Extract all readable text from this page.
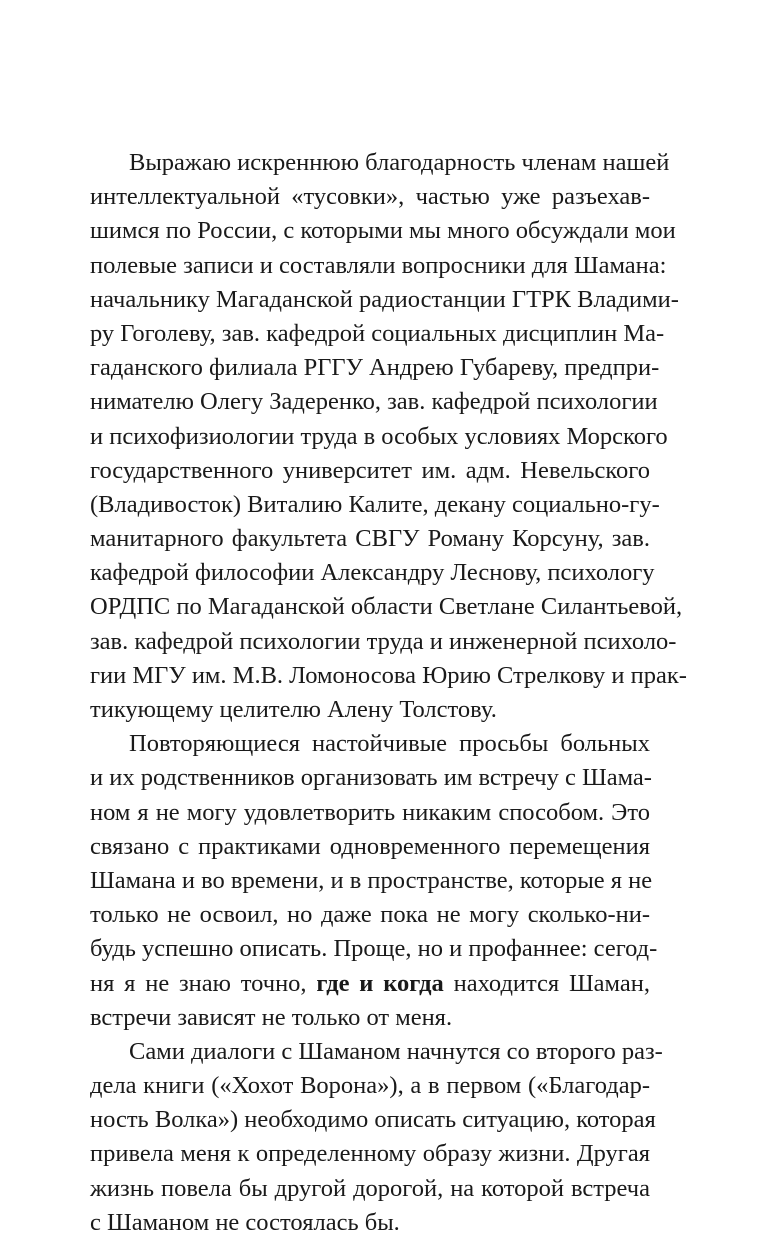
Выражаю искреннюю благодарность членам нашей
интеллектуальной «тусовки», частью уже разъехав-
шимся по России, с которыми мы много обсуждали мои
полевые записи и составляли вопросники для Шамана:
начальнику Магаданской радиостанции ГТРК Владими-
ру Гоголеву, зав. кафедрой социальных дисциплин Ма-
гаданского филиала РГГУ Андрею Губареву, предпри-
нимателю Олегу Задеренко, зав. кафедрой психологии
и психофизиологии труда в особых условиях Морского
государственного университет им. адм. Невельского
(Владивосток) Виталию Калите, декану социально-гу-
манитарного факультета СВГУ Роману Корсуну, зав.
кафедрой философии Александру Леснову, психологу
ОРДПС по Магаданской области Светлане Силантьевой,
зав. кафедрой психологии труда и инженерной психоло-
гии МГУ им. М.В. Ломоносова Юрию Стрелкову и прак-
тикующему целителю Алену Толстову.
Повторяющиеся настойчивые просьбы больных
и их родственников организовать им встречу с Шама-
ном я не могу удовлетворить никаким способом. Это
связано с практиками одновременного перемещения
Шамана и во времени, и в пространстве, которые я не
только не освоил, но даже пока не могу сколько-ни-
будь успешно описать. Проще, но и профаннее: сегод-
ня я не знаю точно, где и когда находится Шаман,
встречи зависят не только от меня.
Сами диалоги с Шаманом начнутся со второго раз-
дела книги («Хохот Ворона»), а в первом («Благодар-
ность Волка») необходимо описать ситуацию, которая
привела меня к определенному образу жизни. Другая
жизнь повела бы другой дорогой, на которой встреча
с Шаманом не состоялась бы.
